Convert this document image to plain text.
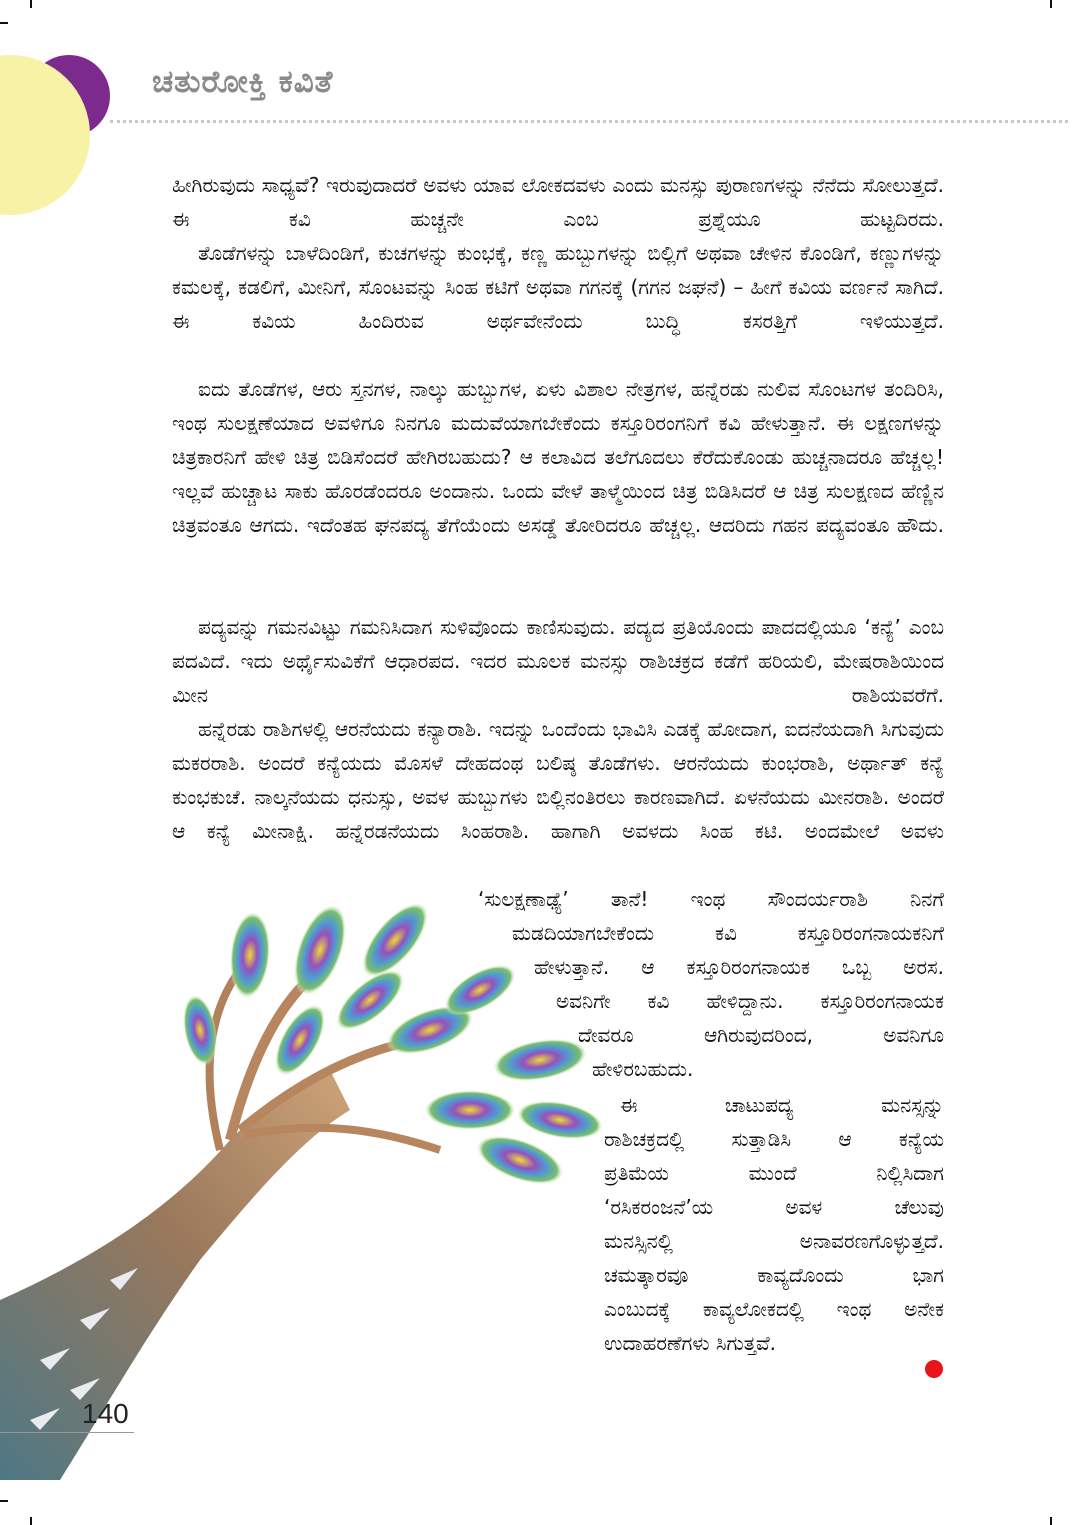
ಚತುರೋಕ್ತಿ ಕವಿತೆ

ಹೀಗಿರುವುದು ಸಾಧ್ಯವೆ? ಇರುವುದಾದರೆ ಅವಳು ಯಾವ ಲೋಕದವಳು ಎಂದು ಮನಸ್ಸು ಪುರಾಣಗಳನ್ನು ನೆನೆದು ಸೋಲುತ್ತದೆ. ಈ ಕವಿ ಹುಚ್ಚನೇ ಎಂಬ ಪ್ರಶ್ನೆಯೂ ಹುಟ್ಟದಿರದು.

ತೊಡೆಗಳನ್ನು ಬಾಳೆದಿಂಡಿಗೆ, ಕುಚಗಳನ್ನು ಕುಂಭಕ್ಕೆ, ಕಣ್ಣ ಹುಬ್ಬುಗಳನ್ನು ಬಿಲ್ಲಿಗೆ ಅಥವಾ ಚೇಳಿನ ಕೊಂಡಿಗೆ, ಕಣ್ಣುಗಳನ್ನು ಕಮಲಕ್ಕೆ, ಕಡಲಿಗೆ, ಮೀನಿಗೆ, ಸೊಂಟವನ್ನು ಸಿಂಹ ಕಟಿಗೆ ಅಥವಾ ಗಗನಕ್ಕೆ (ಗಗನ ಜಘನೆ) – ಹೀಗೆ ಕವಿಯ ವರ್ಣನೆ ಸಾಗಿದೆ. ಈ ಕವಿಯ ಹಿಂದಿರುವ ಅರ್ಥವೇನೆಂದು ಬುದ್ಧಿ ಕಸರತ್ತಿಗೆ ಇಳಿಯುತ್ತದೆ.

ಐದು ತೊಡೆಗಳ, ಆರು ಸ್ತನಗಳ, ನಾಲ್ಕು ಹುಬ್ಬುಗಳ, ಏಳು ವಿಶಾಲ ನೇತ್ರಗಳ, ಹನ್ನೆರಡು ನುಲಿವ ಸೊಂಟಗಳ ತಂದಿರಿಸಿ, ಇಂಥ ಸುಲಕ್ಷಣೆಯಾದ ಅವಳಿಗೂ ನಿನಗೂ ಮದುವೆಯಾಗಬೇಕೆಂದು ಕಸ್ತೂರಿರಂಗನಿಗೆ ಕವಿ ಹೇಳುತ್ತಾನೆ. ಈ ಲಕ್ಷಣಗಳನ್ನು ಚಿತ್ರಕಾರನಿಗೆ ಹೇಳಿ ಚಿತ್ರ ಬಿಡಿಸೆಂದರೆ ಹೇಗಿರಬಹುದು? ಆ ಕಲಾವಿದ ತಲೆಗೂದಲು ಕೆರೆದುಕೊಂಡು ಹುಚ್ಚನಾದರೂ ಹೆಚ್ಚಲ್ಲ! ಇಲ್ಲವೆ ಹುಚ್ಚಾಟ ಸಾಕು ಹೊರಡೆಂದರೂ ಅಂದಾನು. ಒಂದು ವೇಳೆ ತಾಳ್ಮೆಯಿಂದ ಚಿತ್ರ ಬಿಡಿಸಿದರೆ ಆ ಚಿತ್ರ ಸುಲಕ್ಷಣದ ಹೆಣ್ಣಿನ ಚಿತ್ರವಂತೂ ಆಗದು. ಇದೆಂತಹ ಘನಪದ್ಯ ತೆಗೆಯೆಂದು ಅಸಡ್ಡೆ ತೋರಿದರೂ ಹೆಚ್ಚಲ್ಲ. ಆದರಿದು ಗಹನ ಪದ್ಯವಂತೂ ಹೌದು.

ಪದ್ಯವನ್ನು ಗಮನವಿಟ್ಟು ಗಮನಿಸಿದಾಗ ಸುಳಿವೊಂದು ಕಾಣಿಸುವುದು. ಪದ್ಯದ ಪ್ರತಿಯೊಂದು ಪಾದದಲ್ಲಿಯೂ ‘ಕನ್ಯೆ’ ಎಂಬ ಪದವಿದೆ. ಇದು ಅರ್ಥೈಸುವಿಕೆಗೆ ಆಧಾರಪದ. ಇದರ ಮೂಲಕ ಮನಸ್ಸು ರಾಶಿಚಕ್ರದ ಕಡೆಗೆ ಹರಿಯಲಿ, ಮೇಷರಾಶಿಯಿಂದ ಮೀನ ರಾಶಿಯವರೆಗೆ.

ಹನ್ನೆರಡು ರಾಶಿಗಳಲ್ಲಿ ಆರನೆಯದು ಕನ್ಯಾರಾಶಿ. ಇದನ್ನು ಒಂದೆಂದು ಭಾವಿಸಿ ಎಡಕ್ಕೆ ಹೋದಾಗ, ಐದನೆಯದಾಗಿ ಸಿಗುವುದು ಮಕರರಾಶಿ. ಅಂದರೆ ಕನ್ಯೆಯದು ಮೊಸಳೆ ದೇಹದಂಥ ಬಲಿಷ್ಠ ತೊಡೆಗಳು. ಆರನೆಯದು ಕುಂಭರಾಶಿ, ಅರ್ಥಾತ್ ಕನ್ಯೆ ಕುಂಭಕುಚೆ. ನಾಲ್ಕನೆಯದು ಧನುಸ್ಸು, ಅವಳ ಹುಬ್ಬುಗಳು ಬಿಲ್ಲಿನಂತಿರಲು ಕಾರಣವಾಗಿದೆ. ಏಳನೆಯದು ಮೀನರಾಶಿ. ಅಂದರೆ ಆ ಕನ್ಯೆ ಮೀನಾಕ್ಷಿ. ಹನ್ನೆರಡನೆಯದು ಸಿಂಹರಾಶಿ. ಹಾಗಾಗಿ ಅವಳದು ಸಿಂಹ ಕಟಿ. ಅಂದಮೇಲೆ ಅವಳು

‘ಸುಲಕ್ಷಣಾಢ್ಯೆ’ ತಾನೆ! ಇಂಥ ಸೌಂದರ್ಯರಾಶಿ ನಿನಗೆ

ಮಡದಿಯಾಗಬೇಕೆಂದು ಕವಿ ಕಸ್ತೂರಿರಂಗನಾಯಕನಿಗೆ

ಹೇಳುತ್ತಾನೆ. ಆ ಕಸ್ತೂರಿರಂಗನಾಯಕ ಒಬ್ಬ ಅರಸ.

ಅವನಿಗೇ ಕವಿ ಹೇಳಿದ್ದಾನು. ಕಸ್ತೂರಿರಂಗನಾಯಕ

ದೇವರೂ ಆಗಿರುವುದರಿಂದ, ಅವನಿಗೂ

ಹೇಳಿರಬಹುದು.

ಈ ಚಾಟುಪದ್ಯ ಮನಸ್ಸನ್ನು

ರಾಶಿಚಕ್ರದಲ್ಲಿ ಸುತ್ತಾಡಿಸಿ ಆ ಕನ್ಯೆಯ

ಪ್ರತಿಮೆಯ ಮುಂದೆ ನಿಲ್ಲಿಸಿದಾಗ

‘ರಸಿಕರಂಜನೆ’ಯ ಅವಳ ಚೆಲುವು

ಮನಸ್ಸಿನಲ್ಲಿ ಅನಾವರಣಗೊಳ್ಳುತ್ತದೆ.

ಚಮತ್ಕಾರವೂ ಕಾವ್ಯದೊಂದು ಭಾಗ

ಎಂಬುದಕ್ಕೆ ಕಾವ್ಯಲೋಕದಲ್ಲಿ ಇಂಥ ಅನೇಕ

ಉದಾಹರಣೆಗಳು ಸಿಗುತ್ತವೆ.

140
